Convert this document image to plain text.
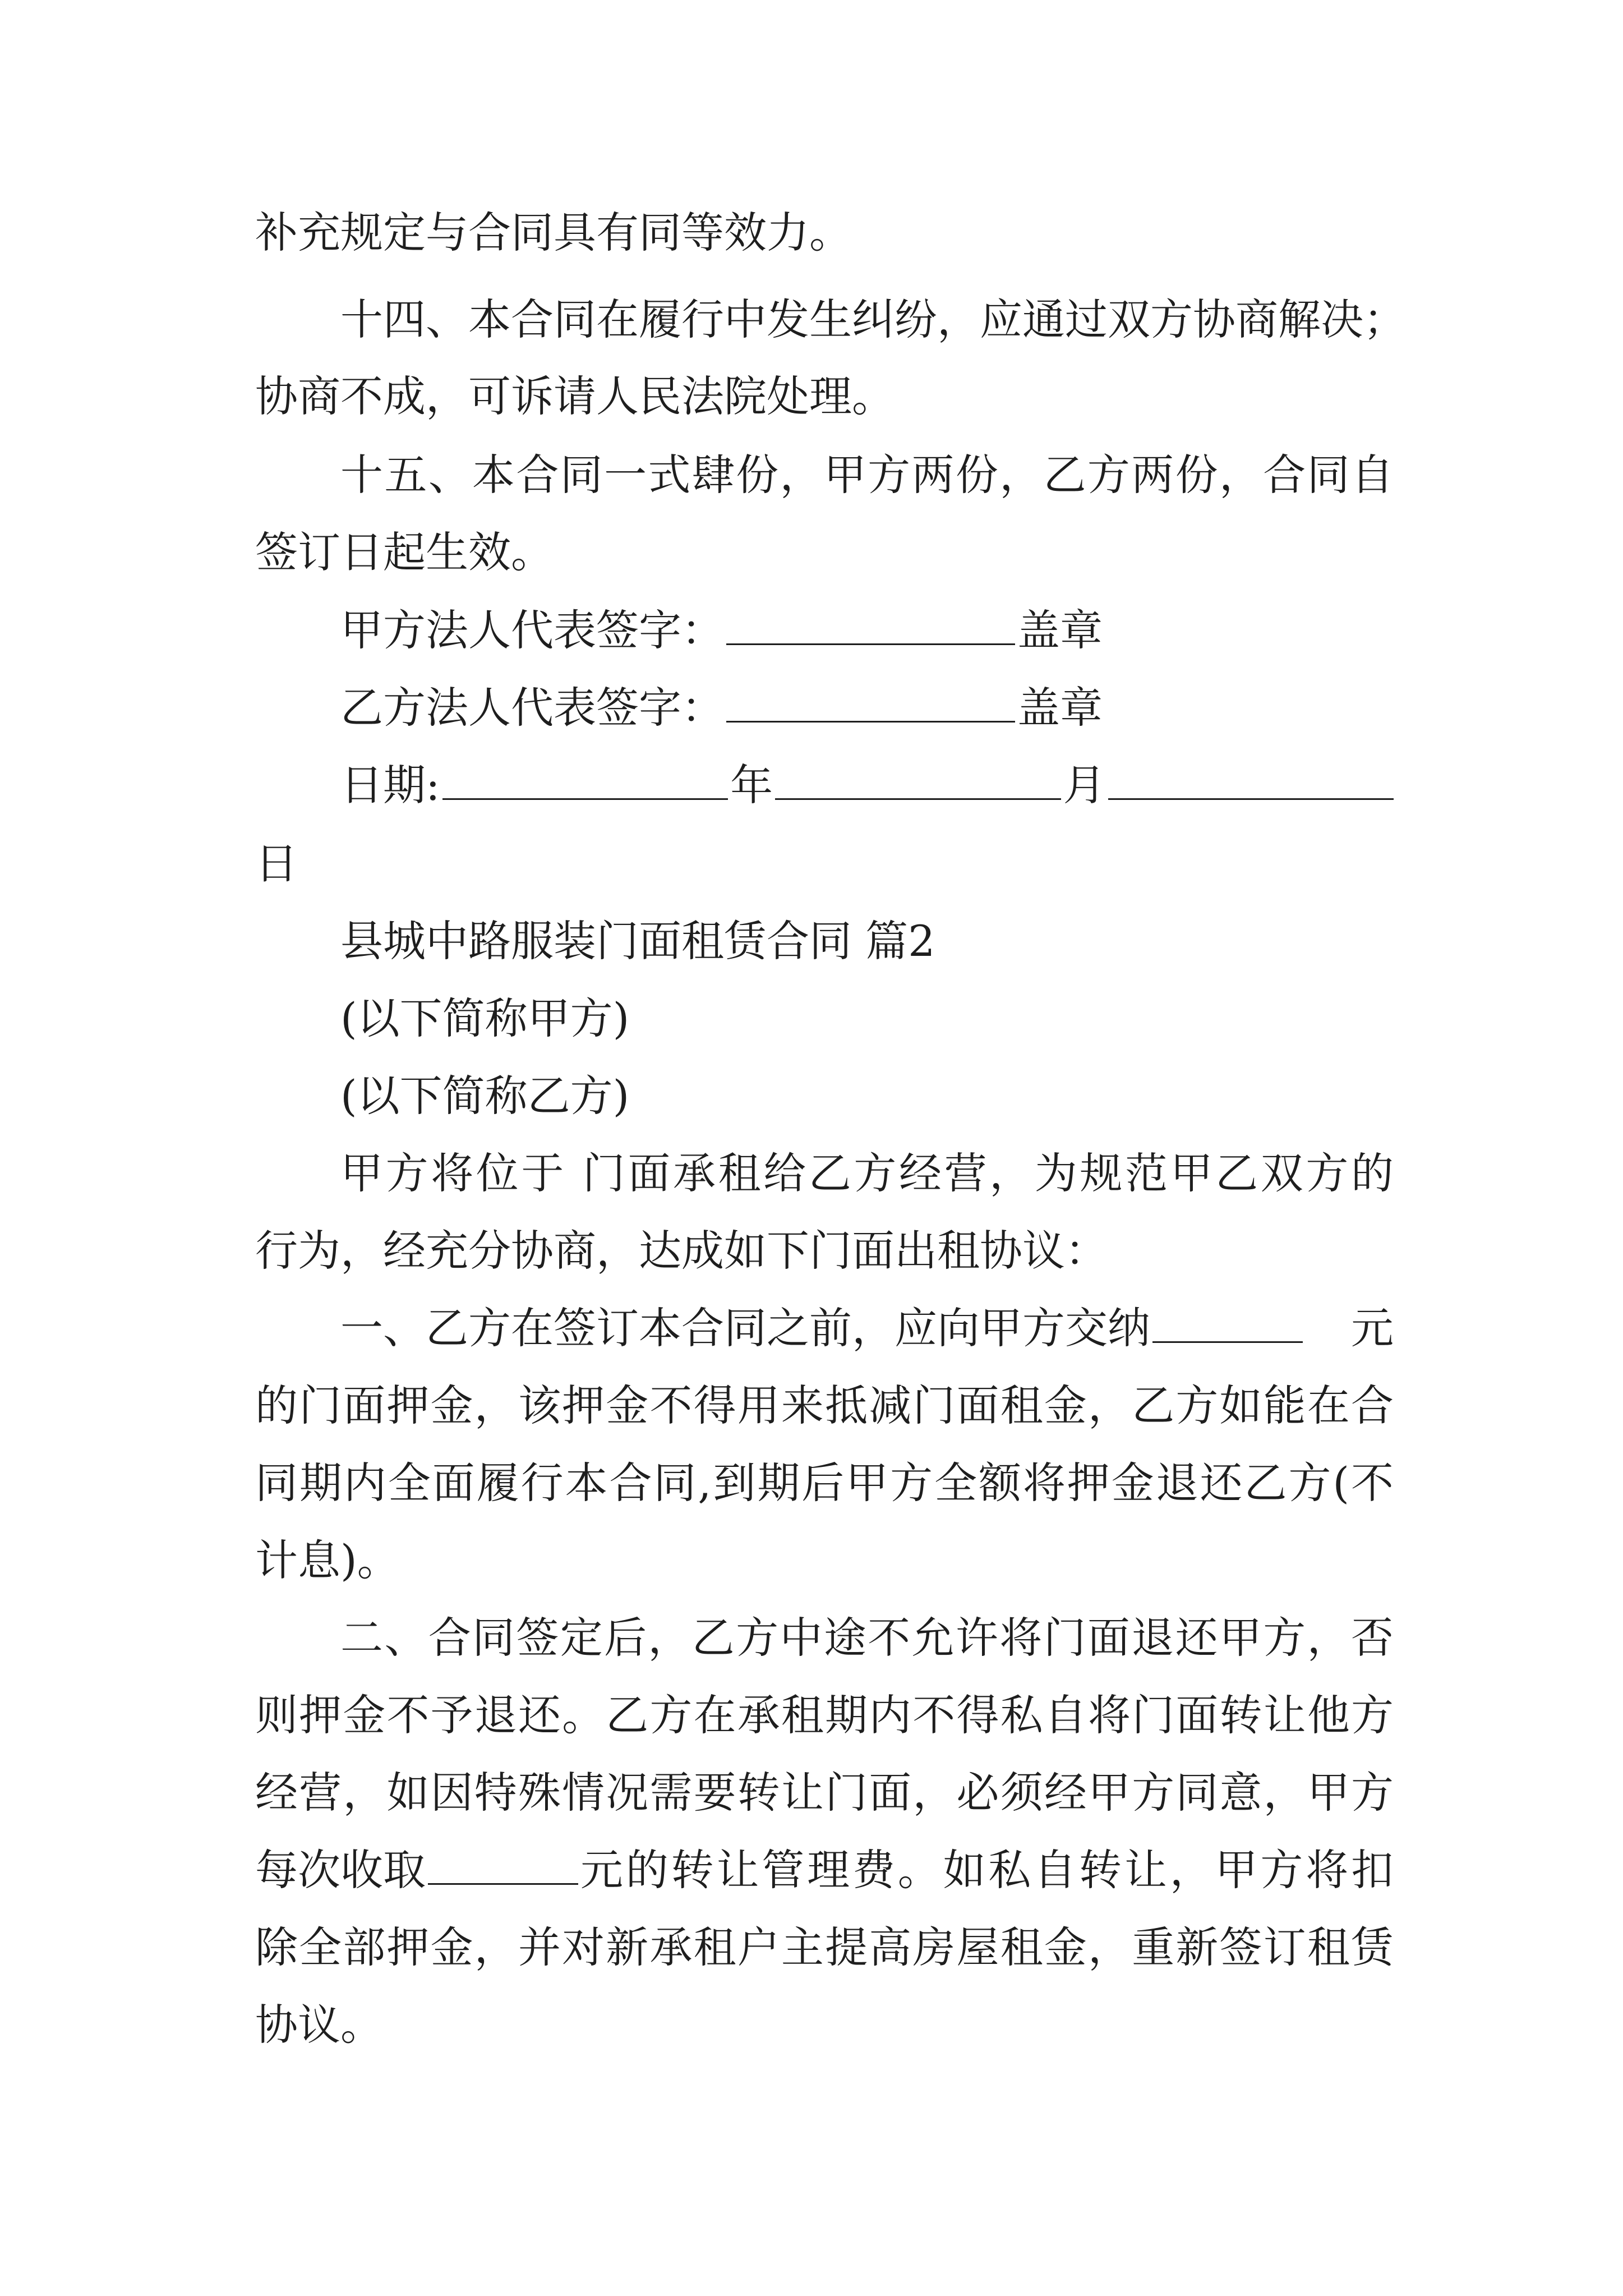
补充规定与合同具有同等效力。
十四、本合同在履行中发生纠纷，应通过双方协商解决；
协商不成，可诉请人民法院处理。
十五、本合同一式肆份，甲方两份，乙方两份，合同自
签订日起生效。
甲方法人代表签字：	盖章
乙方法人代表签字：	盖章
日期:	年	月
日
县城中路服装门面租赁合同 篇2
(以下简称甲方)
(以下简称乙方)
甲方将位于 门面承租给乙方经营，为规范甲乙双方的
行为，经充分协商，达成如下门面出租协议：
一、乙方在签订本合同之前，应向甲方交纳	元
的门面押金，该押金不得用来抵减门面租金，乙方如能在合
同期内全面履行本合同,到期后甲方全额将押金退还乙方(不
计息)。
二、合同签定后，乙方中途不允许将门面退还甲方，否
则押金不予退还。乙方在承租期内不得私自将门面转让他方
经营，如因特殊情况需要转让门面，必须经甲方同意，甲方
每次收取	元的转让管理费。如私自转让，甲方将扣
除全部押金，并对新承租户主提高房屋租金，重新签订租赁
协议。
